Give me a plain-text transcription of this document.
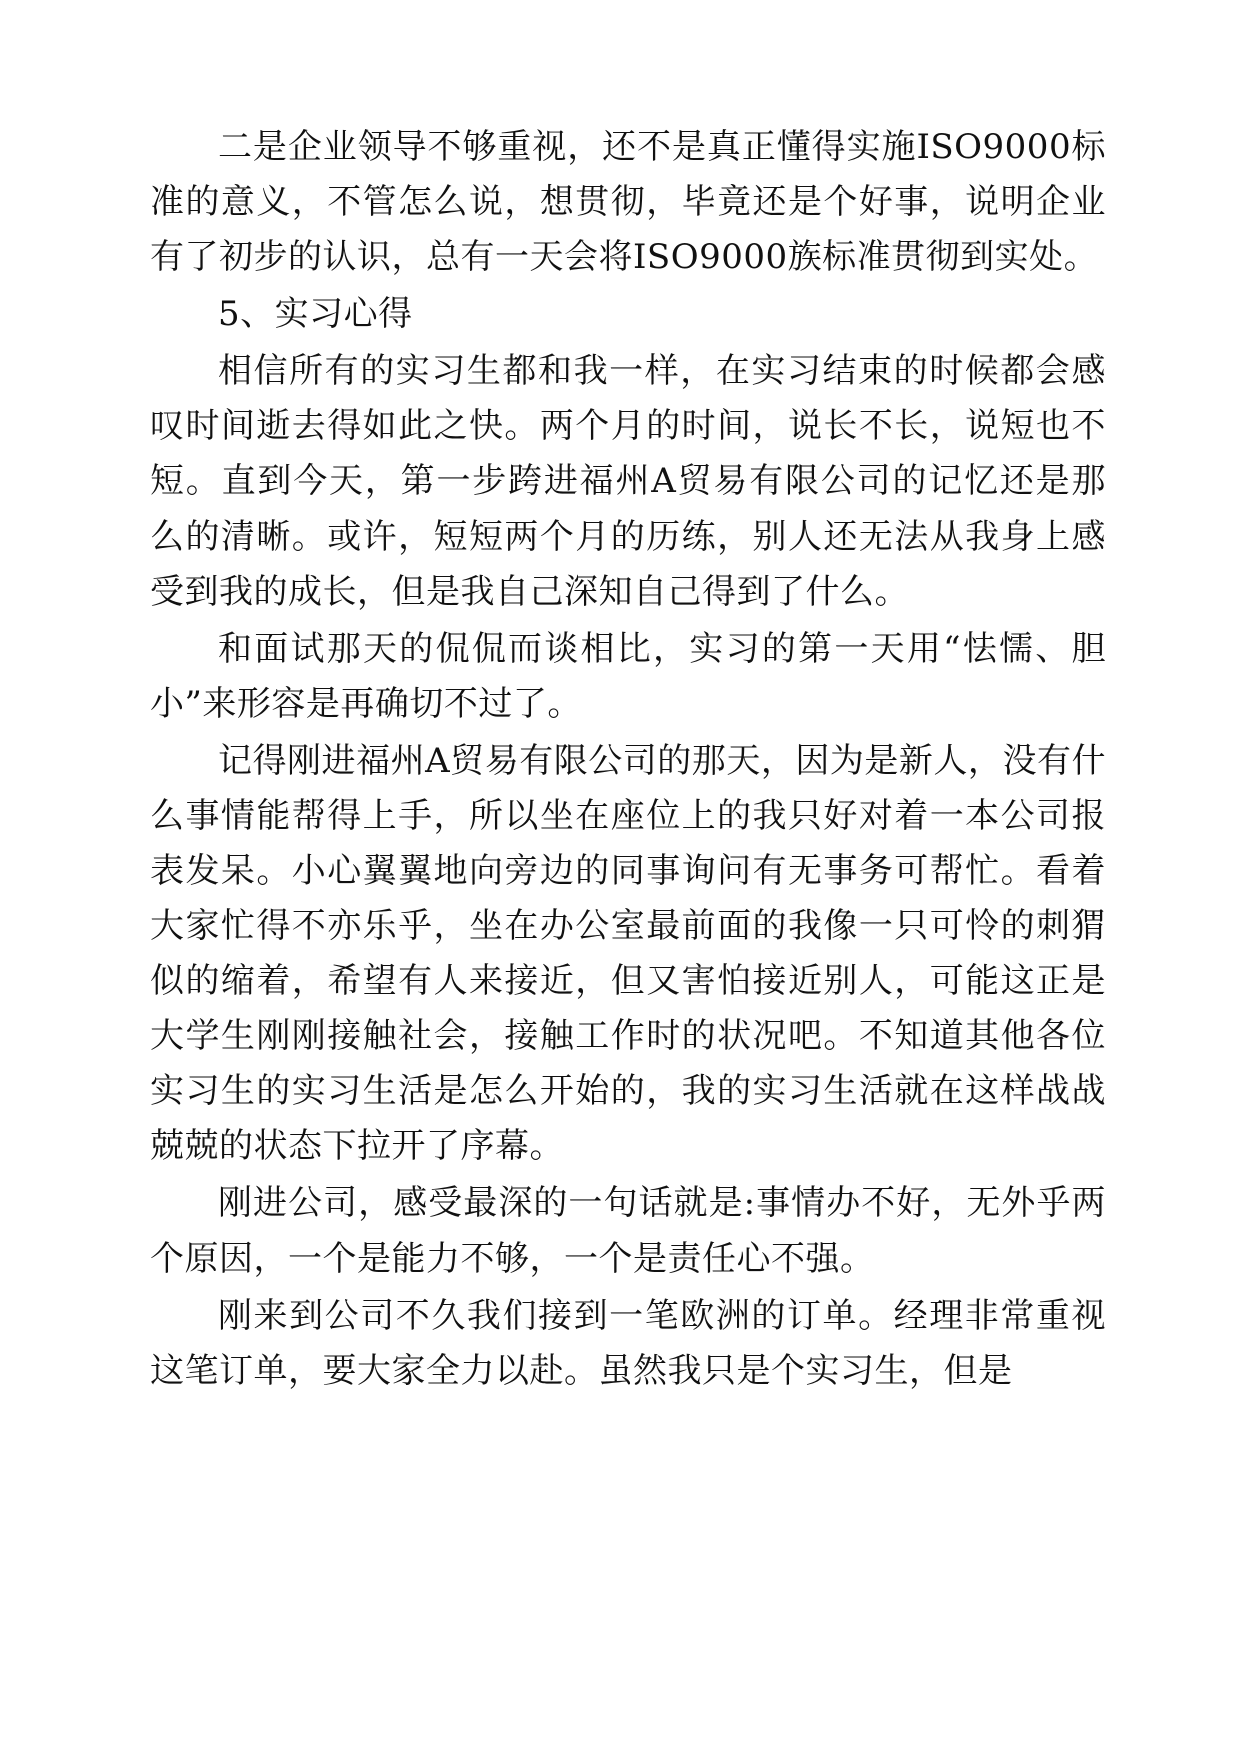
二是企业领导不够重视，还不是真正懂得实施ISO9000标准的意义，不管怎么说，想贯彻，毕竟还是个好事，说明企业有了初步的认识，总有一天会将ISO9000族标准贯彻到实处。

5、实习心得

相信所有的实习生都和我一样，在实习结束的时候都会感叹时间逝去得如此之快。两个月的时间，说长不长，说短也不短。直到今天，第一步跨进福州A贸易有限公司的记忆还是那么的清晰。或许，短短两个月的历练，别人还无法从我身上感受到我的成长，但是我自己深知自己得到了什么。

和面试那天的侃侃而谈相比，实习的第一天用“怯懦、胆小”来形容是再确切不过了。

记得刚进福州A贸易有限公司的那天，因为是新人，没有什么事情能帮得上手，所以坐在座位上的我只好对着一本公司报表发呆。小心翼翼地向旁边的同事询问有无事务可帮忙。看着大家忙得不亦乐乎，坐在办公室最前面的我像一只可怜的刺猬似的缩着，希望有人来接近，但又害怕接近别人，可能这正是大学生刚刚接触社会，接触工作时的状况吧。不知道其他各位实习生的实习生活是怎么开始的，我的实习生活就在这样战战兢兢的状态下拉开了序幕。

刚进公司，感受最深的一句话就是:事情办不好，无外乎两个原因，一个是能力不够，一个是责任心不强。

刚来到公司不久我们接到一笔欧洲的订单。经理非常重视这笔订单，要大家全力以赴。虽然我只是个实习生，但是
